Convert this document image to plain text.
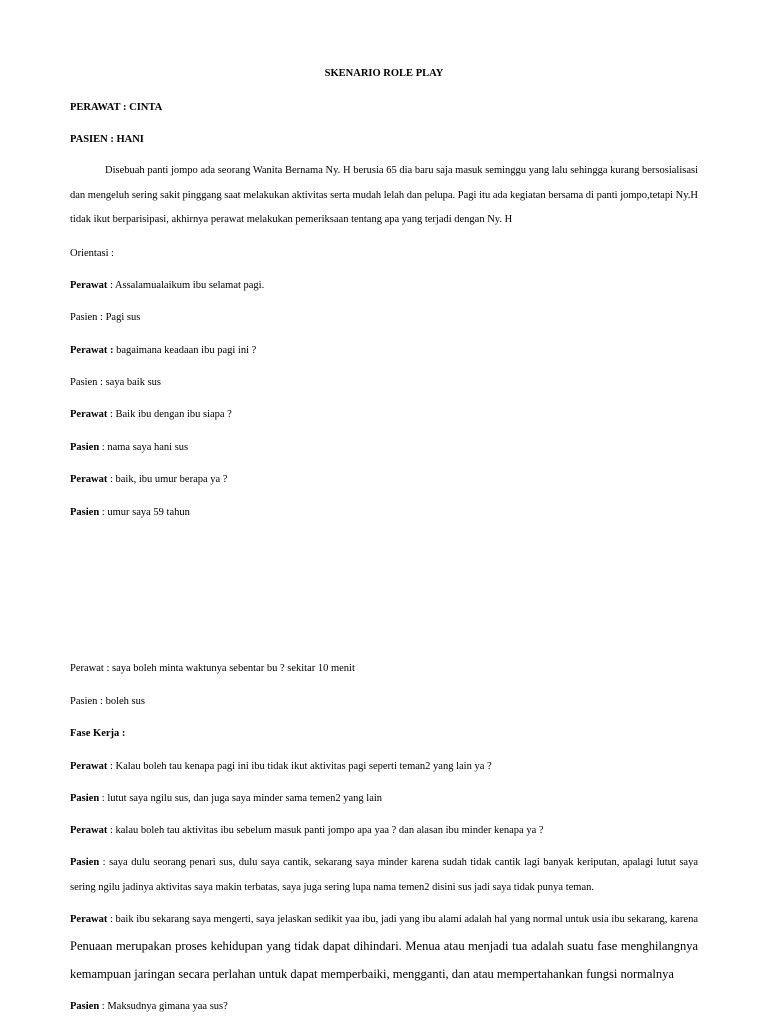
SKENARIO ROLE PLAY
PERAWAT : CINTA
PASIEN : HANI
Disebuah panti jompo ada seorang Wanita Bernama Ny. H berusia 65 dia baru saja masuk seminggu yang lalu sehingga kurang bersosialisasi dan mengeluh sering sakit pinggang saat melakukan aktivitas serta mudah lelah dan pelupa. Pagi itu ada kegiatan bersama di panti jompo,tetapi Ny.H tidak ikut berparisipasi, akhirnya perawat melakukan pemeriksaan tentang apa yang terjadi dengan Ny. H
Orientasi :
Perawat : Assalamualaikum ibu selamat pagi.
Pasien : Pagi sus
Perawat : bagaimana keadaan ibu pagi ini ?
Pasien : saya baik sus
Perawat : Baik ibu dengan ibu siapa ?
Pasien : nama saya hani sus
Perawat : baik, ibu umur berapa ya ?
Pasien : umur saya 59 tahun
Perawat : saya boleh minta waktunya sebentar bu ? sekitar 10 menit
Pasien : boleh sus
Fase Kerja :
Perawat : Kalau boleh tau kenapa pagi ini ibu tidak ikut aktivitas pagi seperti teman2 yang lain ya ?
Pasien : lutut saya ngilu sus, dan juga saya minder sama temen2 yang lain
Perawat : kalau boleh tau aktivitas ibu sebelum masuk panti jompo apa yaa ? dan alasan ibu minder kenapa ya ?
Pasien : saya dulu seorang penari sus, dulu saya cantik, sekarang saya minder karena sudah tidak cantik lagi banyak keriputan, apalagi lutut saya sering ngilu jadinya aktivitas saya makin terbatas, saya juga sering lupa nama temen2 disini sus jadi saya tidak punya teman.
Perawat : baik ibu sekarang saya mengerti, saya jelaskan sedikit yaa ibu, jadi yang ibu alami adalah hal yang normal untuk usia ibu sekarang, karena Penuaan merupakan proses kehidupan yang tidak dapat dihindari. Menua atau menjadi tua adalah suatu fase menghilangnya kemampuan jaringan secara perlahan untuk dapat memperbaiki, mengganti, dan atau mempertahankan fungsi normalnya
Pasien : Maksudnya gimana yaa sus?
